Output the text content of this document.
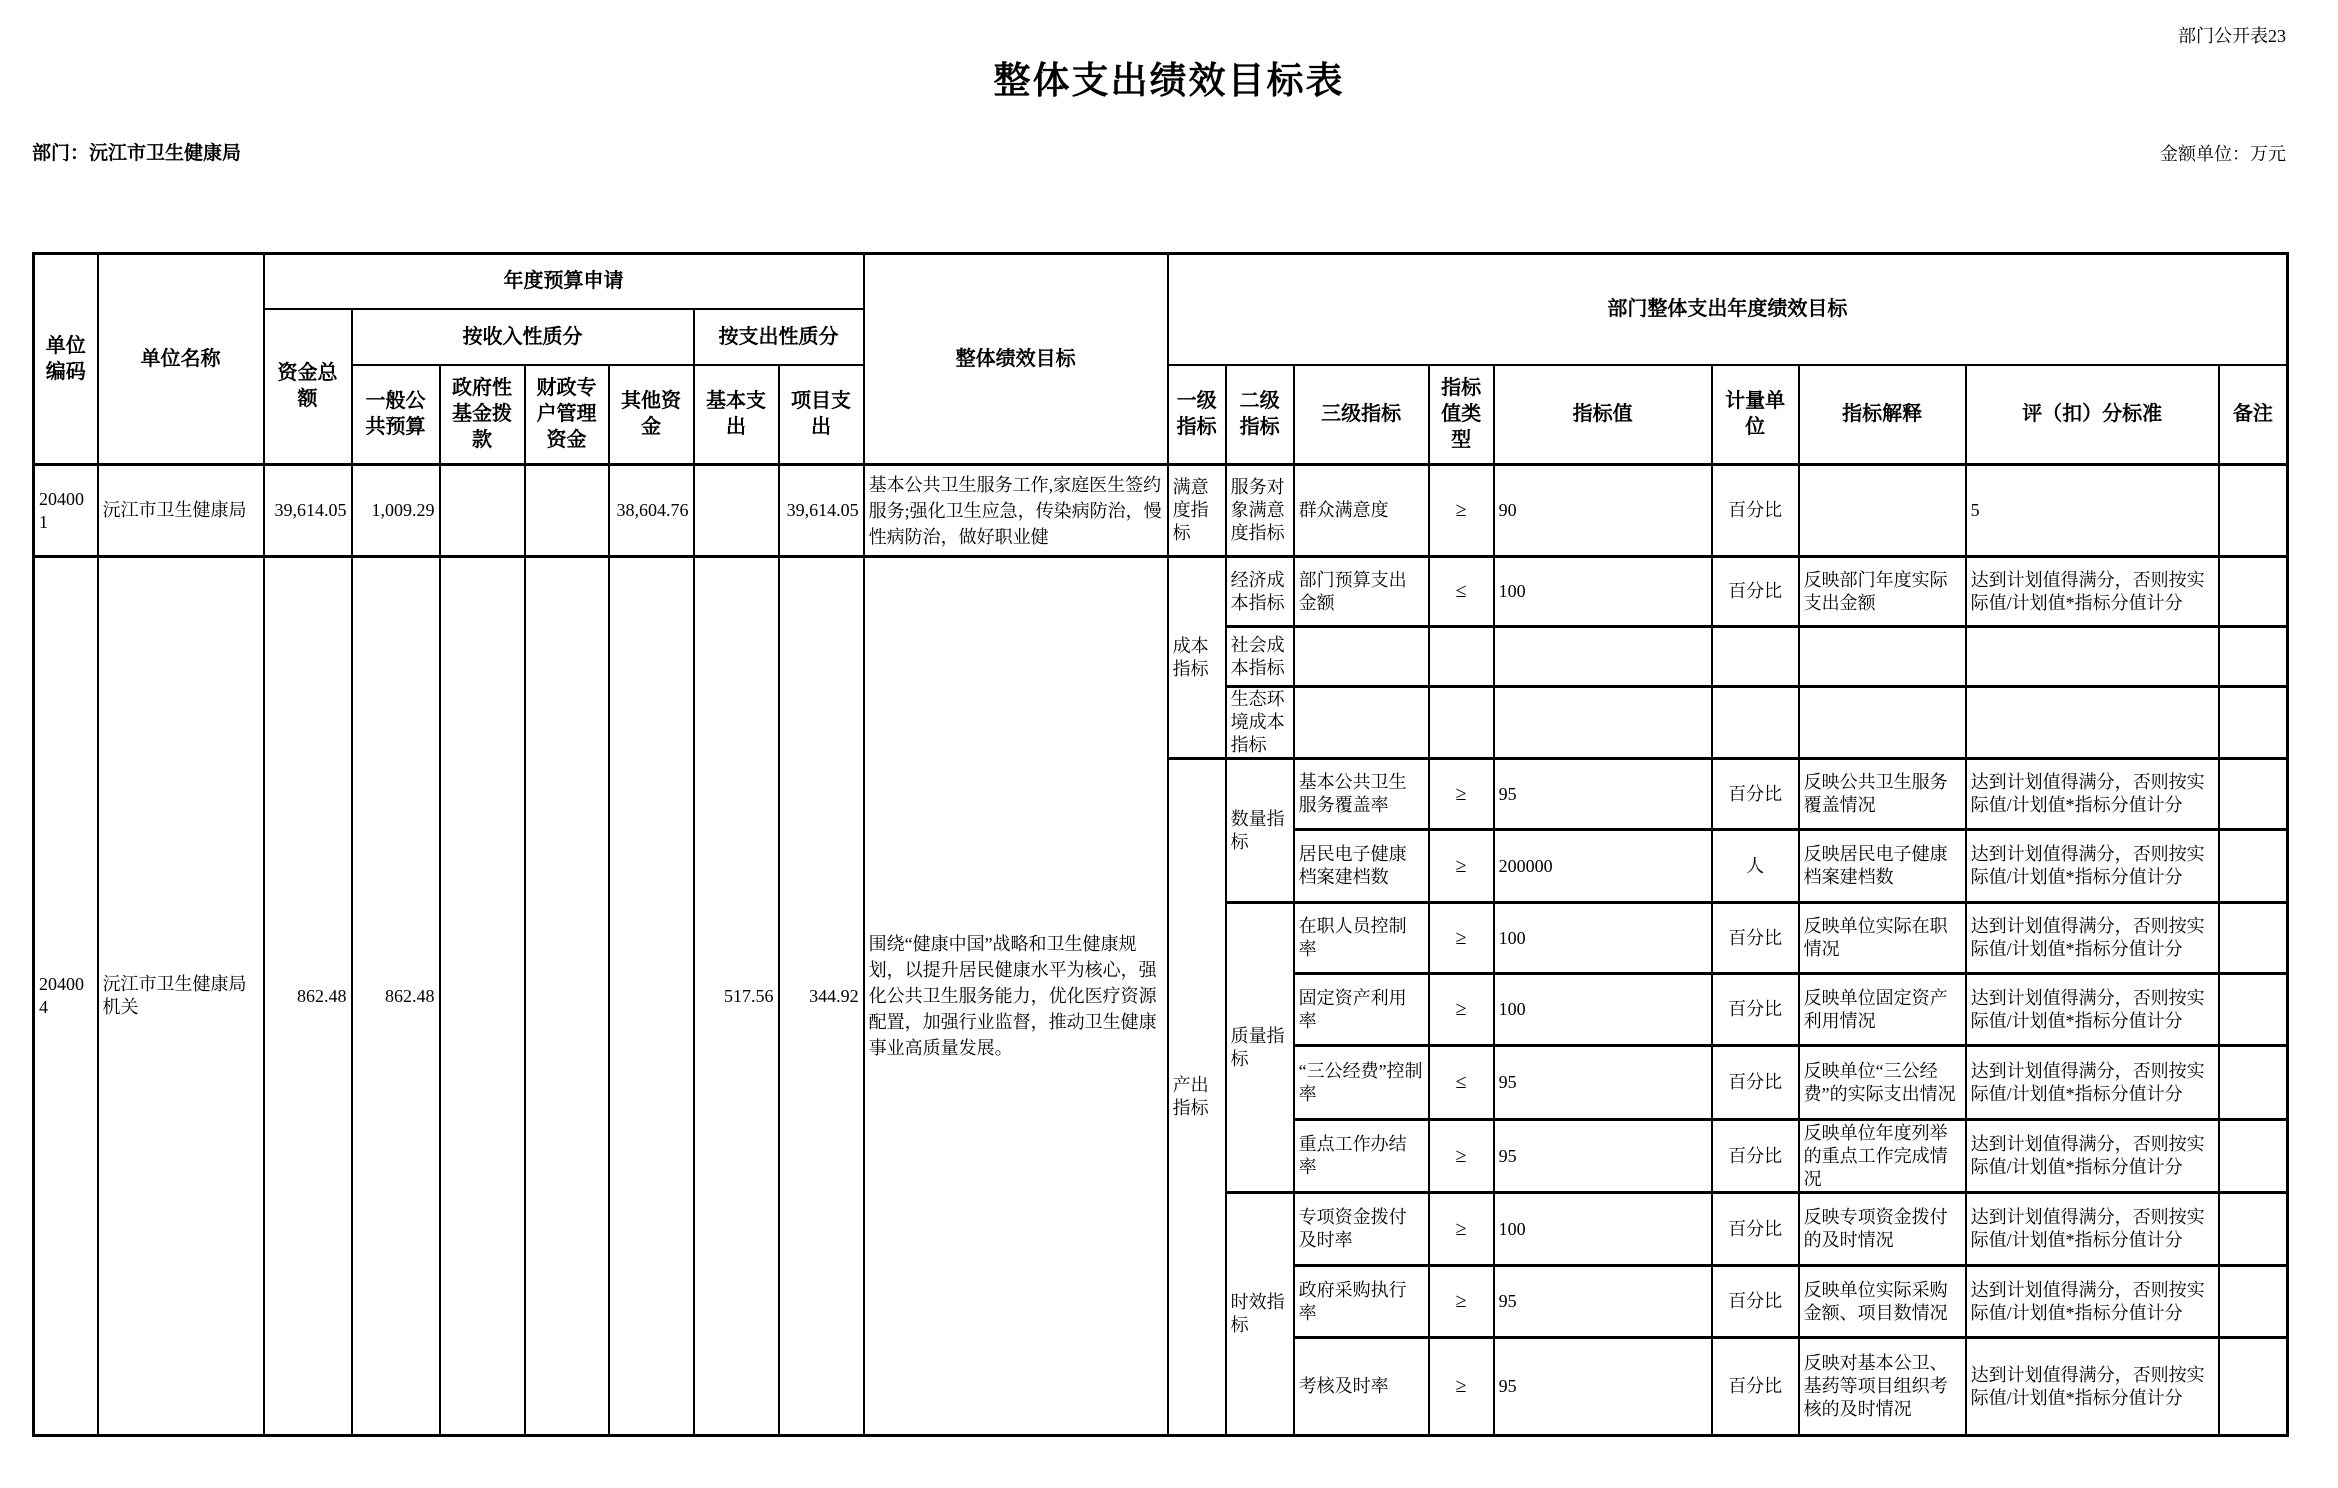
部门公开表23
整体支出绩效目标表
部门：沅江市卫生健康局	金额单位：万元
单位编码	单位名称	年度预算申请							整体绩效目标	部门整体支出年度绩效目标								
		资金总额	按收入性质分				按支出性质分											
			一般公共预算	政府性基金拨款	财政专户管理资金	其他资金	基本支出	项目支出		一级指标	二级指标	三级指标	指标值类型	指标值	计量单位	指标解释	评（扣）分标准	备注
204001	沅江市卫生健康局	39,614.05	1,009.29			38,604.76		39,614.05	基本公共卫生服务工作,家庭医生签约服务;强化卫生应急，传染病防治，慢性病防治，做好职业健	满意度指标	服务对象满意度指标	群众满意度	≥	90	百分比		5	
204004	沅江市卫生健康局机关	862.48	862.48				517.56	344.92	围绕“健康中国”战略和卫生健康规划，以提升居民健康水平为核心，强化公共卫生服务能力，优化医疗资源配置，加强行业监督，推动卫生健康事业高质量发展。	成本指标	经济成本指标	部门预算支出金额	≤	100	百分比	反映部门年度实际支出金额	达到计划值得满分，否则按实际值/计划值*指标分值计分	
											社会成本指标							
											生态环境成本指标							
										产出指标	数量指标	基本公共卫生服务覆盖率	≥	95	百分比	反映公共卫生服务覆盖情况	达到计划值得满分，否则按实际值/计划值*指标分值计分	
												居民电子健康档案建档数	≥	200000	人	反映居民电子健康档案建档数	达到计划值得满分，否则按实际值/计划值*指标分值计分	
											质量指标	在职人员控制率	≥	100	百分比	反映单位实际在职情况	达到计划值得满分，否则按实际值/计划值*指标分值计分	
												固定资产利用率	≥	100	百分比	反映单位固定资产利用情况	达到计划值得满分，否则按实际值/计划值*指标分值计分	
												“三公经费”控制率	≤	95	百分比	反映单位“三公经费”的实际支出情况	达到计划值得满分，否则按实际值/计划值*指标分值计分	
												重点工作办结率	≥	95	百分比	反映单位年度列举的重点工作完成情况	达到计划值得满分，否则按实际值/计划值*指标分值计分	
											时效指标	专项资金拨付及时率	≥	100	百分比	反映专项资金拨付的及时情况	达到计划值得满分，否则按实际值/计划值*指标分值计分	
												政府采购执行率	≥	95	百分比	反映单位实际采购金额、项目数情况	达到计划值得满分，否则按实际值/计划值*指标分值计分	
												考核及时率	≥	95	百分比	反映对基本公卫、基药等项目组织考核的及时情况	达到计划值得满分，否则按实际值/计划值*指标分值计分	
